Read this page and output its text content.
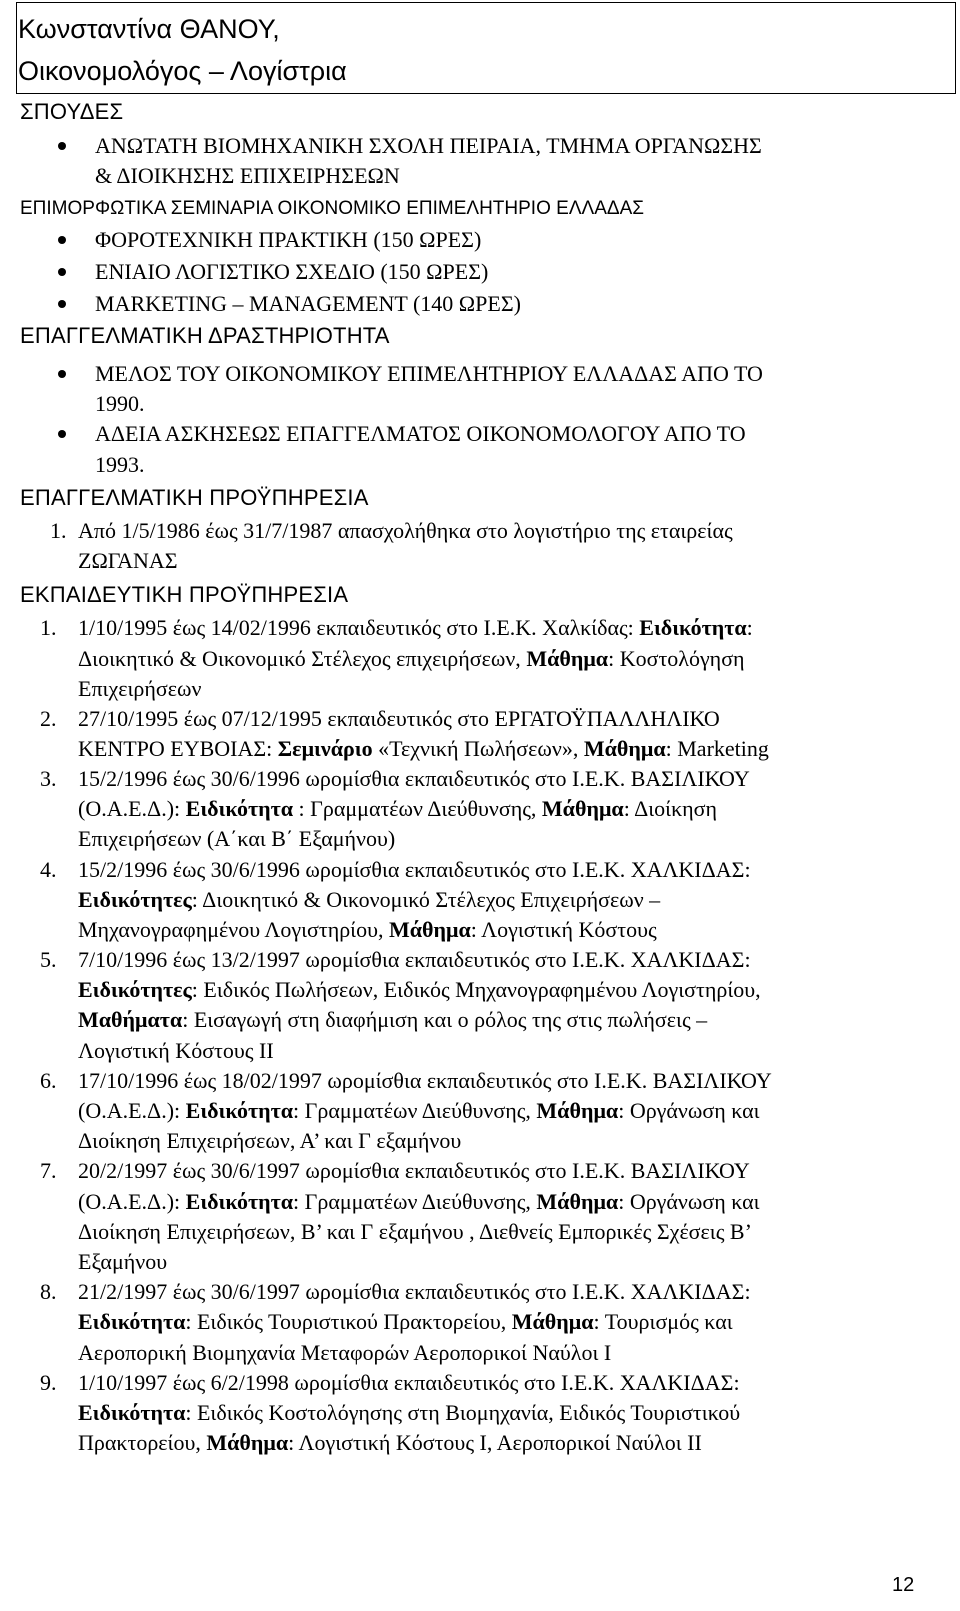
Κωνσταντίνα ΘΑΝΟΥ,
Οικονομολόγος – Λογίστρια
ΣΠΟΥΔΕΣ
ΑΝΩΤΑΤΗ ΒΙΟΜΗΧΑΝΙΚΗ ΣΧΟΛΗ ΠΕΙΡΑΙΑ, ΤΜΗΜΑ ΟΡΓΑΝΩΣΗΣ
& ΔΙΟΙΚΗΣΗΣ ΕΠΙΧΕΙΡΗΣΕΩΝ
ΕΠΙΜΟΡΦΩΤΙΚΑ ΣΕΜΙΝΑΡΙΑ ΟΙΚΟΝΟΜΙΚΟ ΕΠΙΜΕΛΗΤΗΡΙΟ ΕΛΛΑΔΑΣ
ΦΟΡΟΤΕΧΝΙΚΗ ΠΡΑΚΤΙΚΗ (150 ΩΡΕΣ)
ΕΝΙΑΙΟ ΛΟΓΙΣΤΙΚΟ ΣΧΕΔΙΟ (150 ΩΡΕΣ)
MARKETING – MANAGEMENT (140 ΩΡΕΣ)
ΕΠΑΓΓΕΛΜΑΤΙΚΗ ΔΡΑΣΤΗΡΙΟΤΗΤΑ
ΜΕΛΟΣ ΤΟΥ ΟΙΚΟΝΟΜΙΚΟΥ ΕΠΙΜΕΛΗΤΗΡΙΟΥ ΕΛΛΑΔΑΣ ΑΠΟ ΤΟ
1990.
ΑΔΕΙΑ ΑΣΚΗΣΕΩΣ ΕΠΑΓΓΕΛΜΑΤΟΣ ΟΙΚΟΝΟΜΟΛΟΓΟΥ ΑΠΟ ΤΟ
1993.
ΕΠΑΓΓΕΛΜΑΤΙΚΗ ΠΡΟΫΠΗΡΕΣΙΑ
1. Από 1/5/1986 έως 31/7/1987 απασχολήθηκα στο λογιστήριο της εταιρείας
ΖΩΓΑΝΑΣ
ΕΚΠΑΙΔΕΥΤΙΚΗ ΠΡΟΫΠΗΡΕΣΙΑ
1. 1/10/1995 έως 14/02/1996 εκπαιδευτικός στο Ι.Ε.Κ. Χαλκίδας: Ειδικότητα:
Διοικητικό & Οικονομικό Στέλεχος επιχειρήσεων, Μάθημα: Κοστολόγηση
Επιχειρήσεων
2. 27/10/1995 έως 07/12/1995 εκπαιδευτικός στο ΕΡΓΑΤΟΫΠΑΛΛΗΛΙΚΟ
ΚΕΝΤΡΟ ΕΥΒΟΙΑΣ: Σεμινάριο «Τεχνική Πωλήσεων», Μάθημα: Marketing
3. 15/2/1996 έως 30/6/1996 ωρομίσθια εκπαιδευτικός στο Ι.Ε.Κ. ΒΑΣΙΛΙΚΟΥ
(Ο.Α.Ε.Δ.): Ειδικότητα : Γραμματέων Διεύθυνσης, Μάθημα: Διοίκηση
Επιχειρήσεων (Α΄και Β΄ Εξαμήνου)
4. 15/2/1996 έως 30/6/1996 ωρομίσθια εκπαιδευτικός στο Ι.Ε.Κ. ΧΑΛΚΙΔΑΣ:
Ειδικότητες: Διοικητικό & Οικονομικό Στέλεχος Επιχειρήσεων –
Μηχανογραφημένου Λογιστηρίου, Μάθημα: Λογιστική Κόστους
5. 7/10/1996 έως 13/2/1997 ωρομίσθια εκπαιδευτικός στο Ι.Ε.Κ. ΧΑΛΚΙΔΑΣ:
Ειδικότητες: Ειδικός Πωλήσεων, Ειδικός Μηχανογραφημένου Λογιστηρίου,
Μαθήματα: Εισαγωγή στη διαφήμιση και ο ρόλος της στις πωλήσεις –
Λογιστική Κόστους ΙΙ
6. 17/10/1996 έως 18/02/1997 ωρομίσθια εκπαιδευτικός στο Ι.Ε.Κ. ΒΑΣΙΛΙΚΟΥ
(Ο.Α.Ε.Δ.): Ειδικότητα: Γραμματέων Διεύθυνσης, Μάθημα: Οργάνωση και
Διοίκηση Επιχειρήσεων, Α’ και Γ εξαμήνου
7. 20/2/1997 έως 30/6/1997 ωρομίσθια εκπαιδευτικός στο Ι.Ε.Κ. ΒΑΣΙΛΙΚΟΥ
(Ο.Α.Ε.Δ.): Ειδικότητα: Γραμματέων Διεύθυνσης, Μάθημα: Οργάνωση και
Διοίκηση Επιχειρήσεων, Β’ και Γ εξαμήνου , Διεθνείς Εμπορικές Σχέσεις Β’
Εξαμήνου
8. 21/2/1997 έως 30/6/1997 ωρομίσθια εκπαιδευτικός στο Ι.Ε.Κ. ΧΑΛΚΙΔΑΣ:
Ειδικότητα: Ειδικός Τουριστικού Πρακτορείου, Μάθημα: Τουρισμός και
Αεροπορική Βιομηχανία Μεταφορών Αεροπορικοί Ναύλοι Ι
9. 1/10/1997 έως 6/2/1998 ωρομίσθια εκπαιδευτικός στο Ι.Ε.Κ. ΧΑΛΚΙΔΑΣ:
Ειδικότητα: Ειδικός Κοστολόγησης στη Βιομηχανία, Ειδικός Τουριστικού
Πρακτορείου, Μάθημα: Λογιστική Κόστους Ι, Αεροπορικοί Ναύλοι ΙΙ
12
